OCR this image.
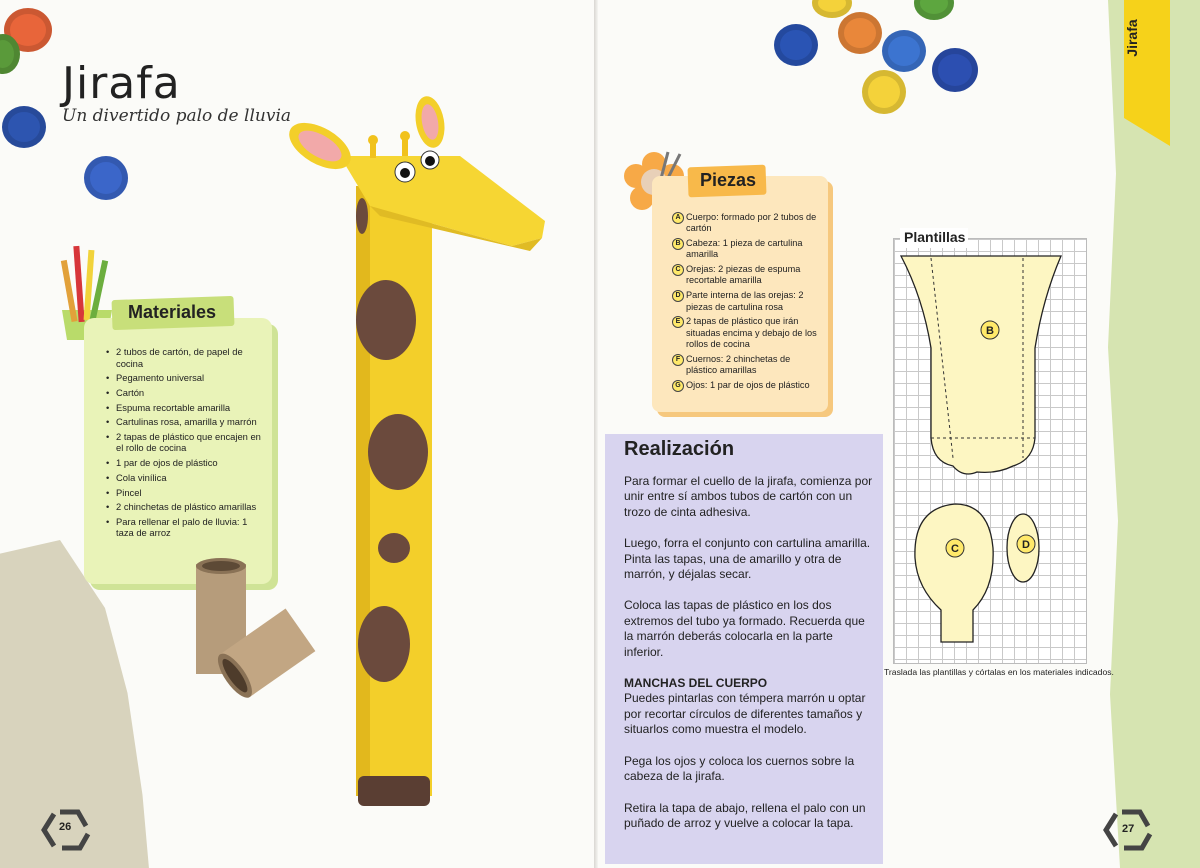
Jirafa
Un divertido palo de lluvia
Materiales
• 2 tubos de cartón, de papel de cocina
• Pegamento universal
• Cartón
• Espuma recortable amarilla
• Cartulinas rosa, amarilla y marrón
• 2 tapas de plástico que encajen en el rollo de cocina
• 1 par de ojos de plástico
• Cola vinílica
• Pincel
• 2 chinchetas de plástico amarillas
• Para rellenar el palo de lluvia: 1 taza de arroz
26
Jirafa
Piezas
A Cuerpo: formado por 2 tubos de cartón
B Cabeza: 1 pieza de cartulina amarilla
C Orejas: 2 piezas de espuma recortable amarilla
D Parte interna de las orejas: 2 piezas de cartulina rosa
E 2 tapas de plástico que irán situadas encima y debajo de los rollos de cocina
F Cuernos: 2 chinchetas de plástico amarillas
G Ojos: 1 par de ojos de plástico
Realización

Para formar el cuello de la jirafa, comienza por unir entre sí ambos tubos de cartón con un trozo de cinta adhesiva.

Luego, forra el conjunto con cartulina amarilla. Pinta las tapas, una de amarillo y otra de marrón, y déjalas secar.

Coloca las tapas de plástico en los dos extremos del tubo ya formado. Recuerda que la marrón deberás colocarla en la parte inferior.

MANCHAS DEL CUERPO
Puedes pintarlas con témpera marrón u optar por recortar círculos de diferentes tamaños y situarlos como muestra el modelo.

Pega los ojos y coloca los cuernos sobre la cabeza de la jirafa.

Retira la tapa de abajo, rellena el palo con un puñado de arroz y vuelve a colocar la tapa.

B
C	D
Plantillas
Traslada las plantillas y córtalas en los materiales indicados.
27
